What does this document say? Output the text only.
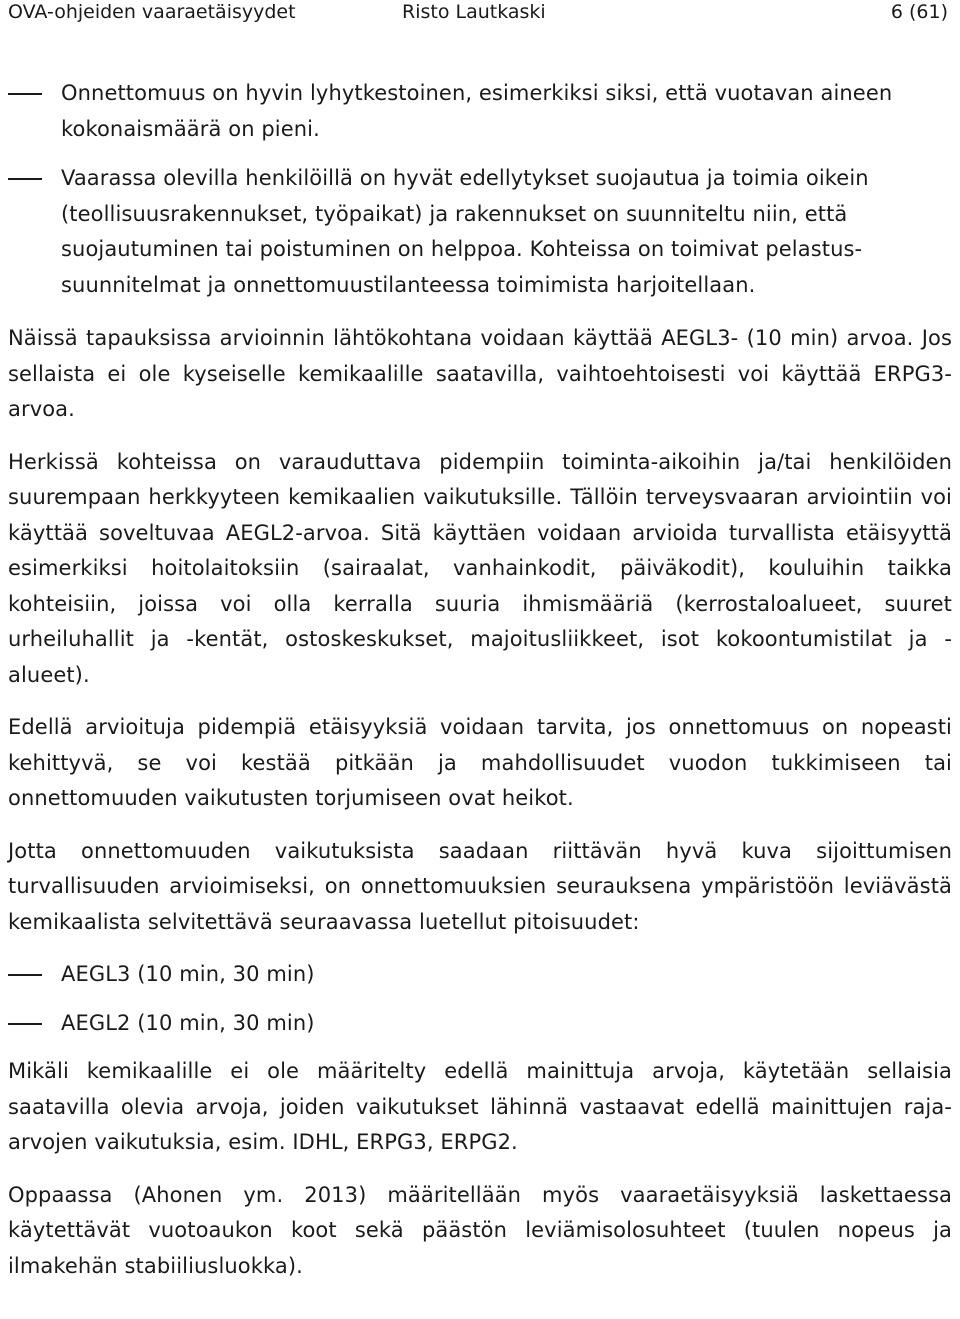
OVA-ohjeiden vaaraetäisyydet	Risto Lautkaski	6 (61)
Onnettomuus on hyvin lyhytkestoinen, esimerkiksi siksi, että vuotavan aineen kokonaismäärä on pieni.
Vaarassa olevilla henkilöillä on hyvät edellytykset suojautua ja toimia oikein (teollisuusrakennukset, työpaikat) ja rakennukset on suunniteltu niin, että suojautuminen tai poistuminen on helppoa. Kohteissa on toimivat pelastus-suunnitelmat ja onnettomuustilanteessa toimimista harjoitellaan.

Näissä tapauksissa arvioinnin lähtökohtana voidaan käyttää AEGL3- (10 min) arvoa. Jos sellaista ei ole kyseiselle kemikaalille saatavilla, vaihtoehtoisesti voi käyttää ERPG3-arvoa.

Herkissä kohteissa on varauduttava pidempiin toiminta-aikoihin ja/tai henkilöiden suurempaan herkkyyteen kemikaalien vaikutuksille. Tällöin terveysvaaran arviointiin voi käyttää soveltuvaa AEGL2-arvoa. Sitä käyttäen voidaan arvioida turvallista etäisyyttä esimerkiksi hoitolaitoksiin (sairaalat, vanhainkodit, päiväkodit), kouluihin taikka kohteisiin, joissa voi olla kerralla suuria ihmismääriä (kerrostaloalueet, suuret urheiluhallit ja -kentät, ostoskeskukset, majoitusliikkeet, isot kokoontumistilat ja -alueet).

Edellä arvioituja pidempiä etäisyyksiä voidaan tarvita, jos onnettomuus on nopeasti kehittyvä, se voi kestää pitkään ja mahdollisuudet vuodon tukkimiseen tai onnettomuuden vaikutusten torjumiseen ovat heikot.

Jotta onnettomuuden vaikutuksista saadaan riittävän hyvä kuva sijoittumisen turvallisuuden arvioimiseksi, on onnettomuuksien seurauksena ympäristöön leviävästä kemikaalista selvitettävä seuraavassa luetellut pitoisuudet:

AEGL3 (10 min, 30 min)
AEGL2 (10 min, 30 min)

Mikäli kemikaalille ei ole määritelty edellä mainittuja arvoja, käytetään sellaisia saatavilla olevia arvoja, joiden vaikutukset lähinnä vastaavat edellä mainittujen raja-arvojen vaikutuksia, esim. IDHL, ERPG3, ERPG2.

Oppaassa (Ahonen ym. 2013) määritellään myös vaaraetäisyyksiä laskettaessa käytettävät vuotoaukon koot sekä päästön leviämisolosuhteet (tuulen nopeus ja ilmakehän stabiiliusluokka).
